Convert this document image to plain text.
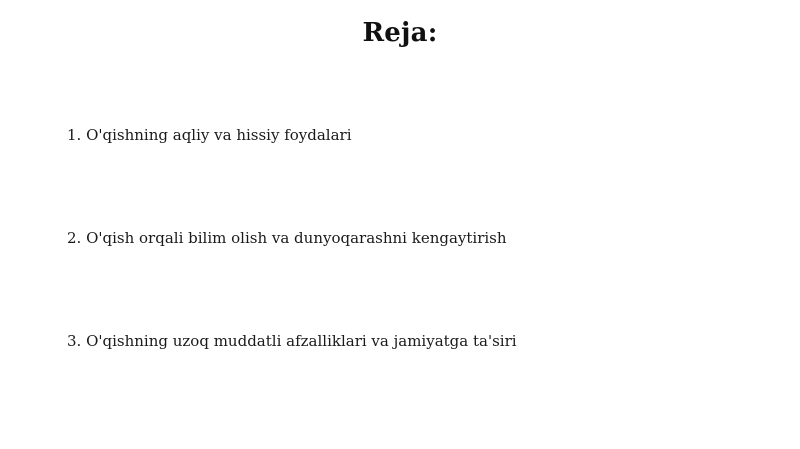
Reja:
1. O'qishning aqliy va hissiy foydalari
2. O'qish orqali bilim olish va dunyoqarashni kengaytirish
3. O'qishning uzoq muddatli afzalliklari va jamiyatga ta'siri
